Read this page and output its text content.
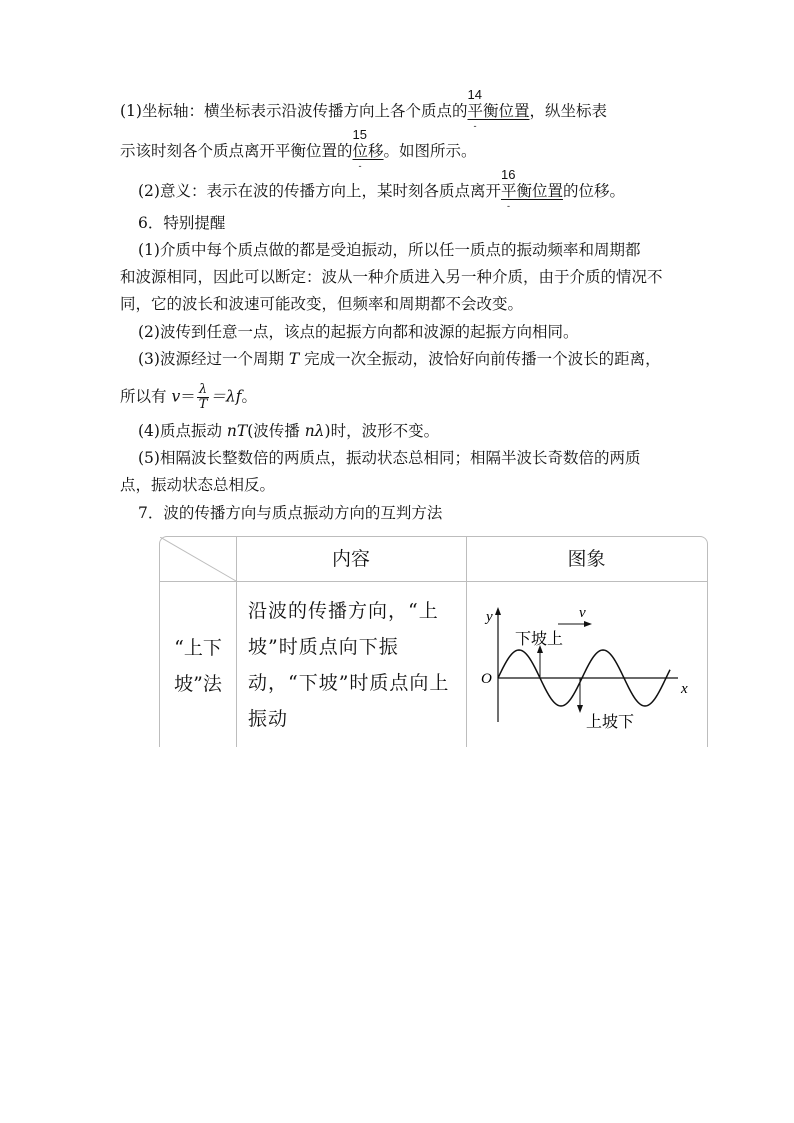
(1)坐标轴：横坐标表示沿波传播方向上各个质点的
14
-
平衡位置，纵坐标表
示该时刻各个质点离开平衡位置的
15
-
位移。如图所示。
(2)意义：表示在波的传播方向上，某时刻各质点离开
16
-
平衡位置的位移。
6．特别提醒
(1)介质中每个质点做的都是受迫振动，所以任一质点的振动频率和周期都
和波源相同，因此可以断定：波从一种介质进入另一种介质，由于介质的情况不
同，它的波长和波速可能改变，但频率和周期都不会改变。
(2)波传到任意一点，该点的起振方向都和波源的起振方向相同。
(3)波源经过一个周期 T 完成一次全振动，波恰好向前传播一个波长的距离，
所以有 $v= \frac{\lambda}{T} =\lambda f$。
(4)质点振动 nT(波传播 nλ)时，波形不变。
(5)相隔波长整数倍的两质点，振动状态总相同；相隔半波长奇数倍的两质
点，振动状态总相反。
7．波的传播方向与质点振动方向的互判方法
内容	图象
“上下坡”法
沿波的传播方向，“上坡”时质点向下振动，“下坡”时质点向上振动
y
x
O
v
下坡上
上坡下
